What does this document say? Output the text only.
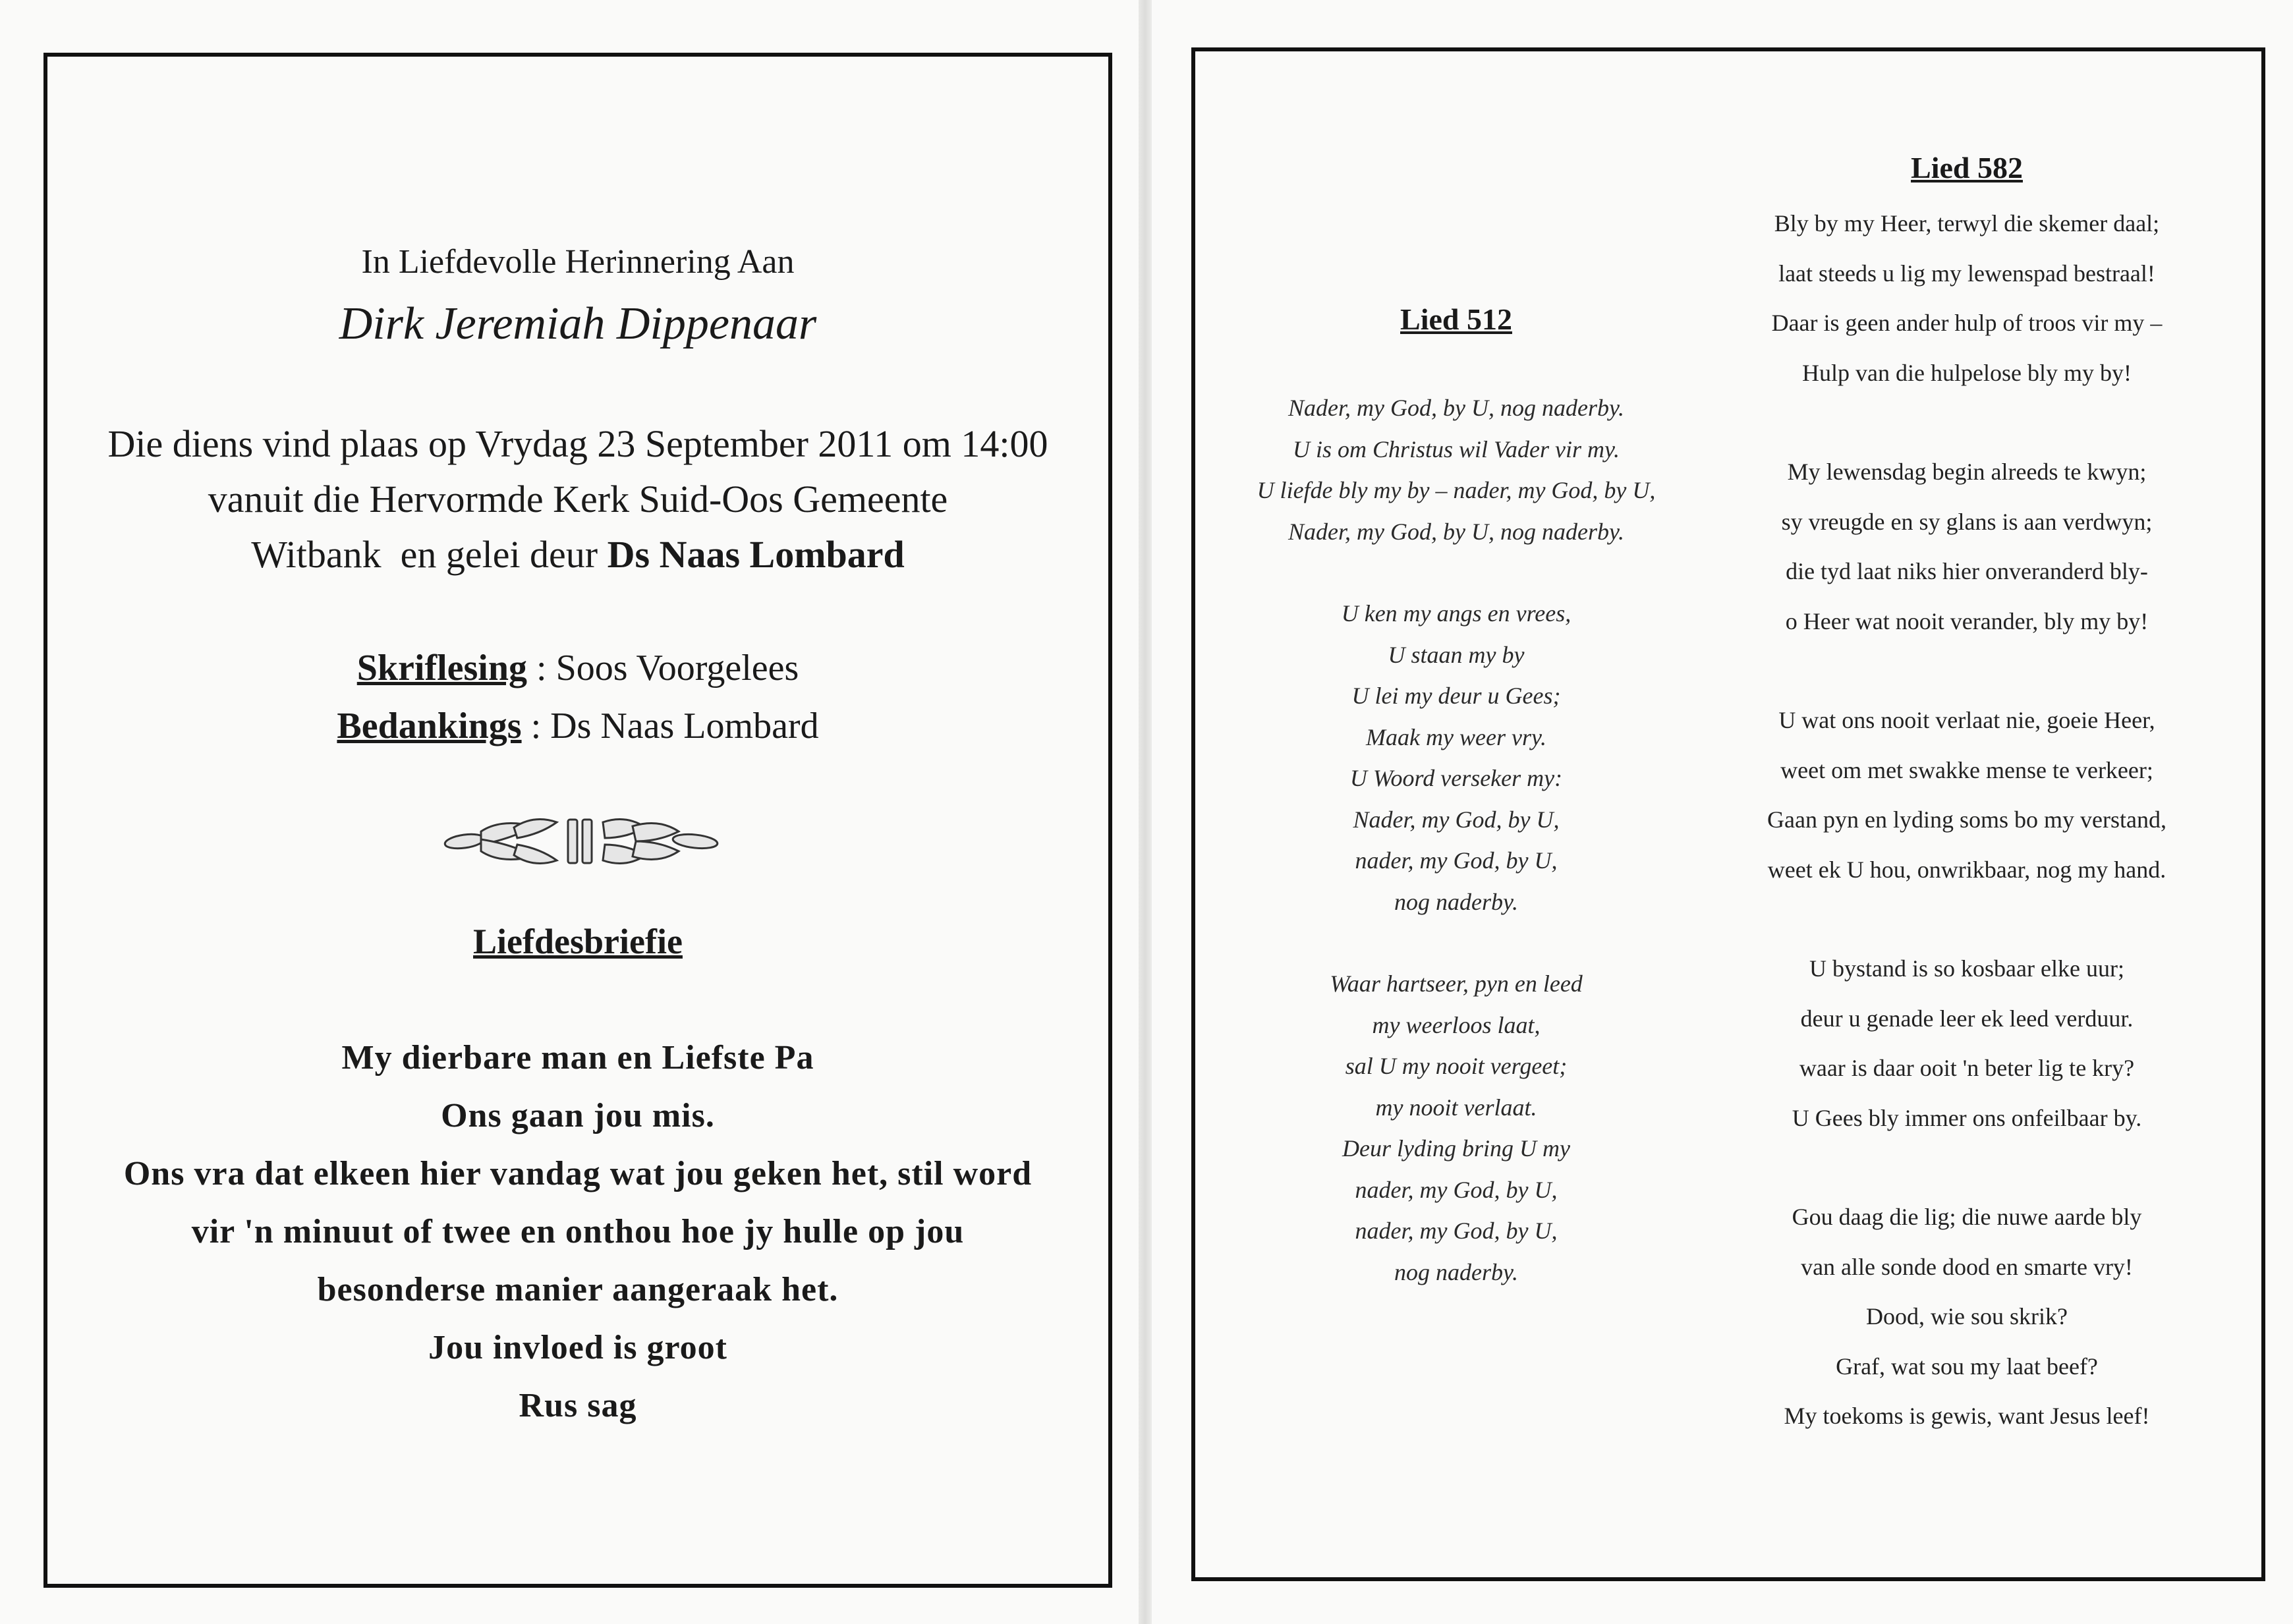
In Liefdevolle Herinnering Aan
Dirk Jeremiah Dippenaar
Die diens vind plaas op Vrydag 23 September 2011 om 14:00
vanuit die Hervormde Kerk Suid-Oos Gemeente
Witbank  en gelei deur Ds Naas Lombard
Skriflesing : Soos Voorgelees
Bedankings : Ds Naas Lombard
Liefdesbriefie
My dierbare man en Liefste Pa
Ons gaan jou mis.
Ons vra dat elkeen hier vandag wat jou geken het, stil word
vir 'n minuut of twee en onthou hoe jy hulle op jou
besonderse manier aangeraak het.
Jou invloed is groot
Rus sag
Lied 512
Nader, my God, by U, nog naderby.
U is om Christus wil Vader vir my.
U liefde bly my by – nader, my God, by U,
Nader, my God, by U, nog naderby.
U ken my angs en vrees,
U staan my by
U lei my deur u Gees;
Maak my weer vry.
U Woord verseker my:
Nader, my God, by U,
nader, my God, by U,
nog naderby.
Waar hartseer, pyn en leed
my weerloos laat,
sal U my nooit vergeet;
my nooit verlaat.
Deur lyding bring U my
nader, my God, by U,
nader, my God, by U,
nog naderby.
Lied 582
Bly by my Heer, terwyl die skemer daal;
laat steeds u lig my lewenspad bestraal!
Daar is geen ander hulp of troos vir my –
Hulp van die hulpelose bly my by!
My lewensdag begin alreeds te kwyn;
sy vreugde en sy glans is aan verdwyn;
die tyd laat niks hier onveranderd bly-
o Heer wat nooit verander, bly my by!
U wat ons nooit verlaat nie, goeie Heer,
weet om met swakke mense te verkeer;
Gaan pyn en lyding soms bo my verstand,
weet ek U hou, onwrikbaar, nog my hand.
U bystand is so kosbaar elke uur;
deur u genade leer ek leed verduur.
waar is daar ooit 'n beter lig te kry?
U Gees bly immer ons onfeilbaar by.
Gou daag die lig; die nuwe aarde bly
van alle sonde dood en smarte vry!
Dood, wie sou skrik?
Graf, wat sou my laat beef?
My toekoms is gewis, want Jesus leef!
